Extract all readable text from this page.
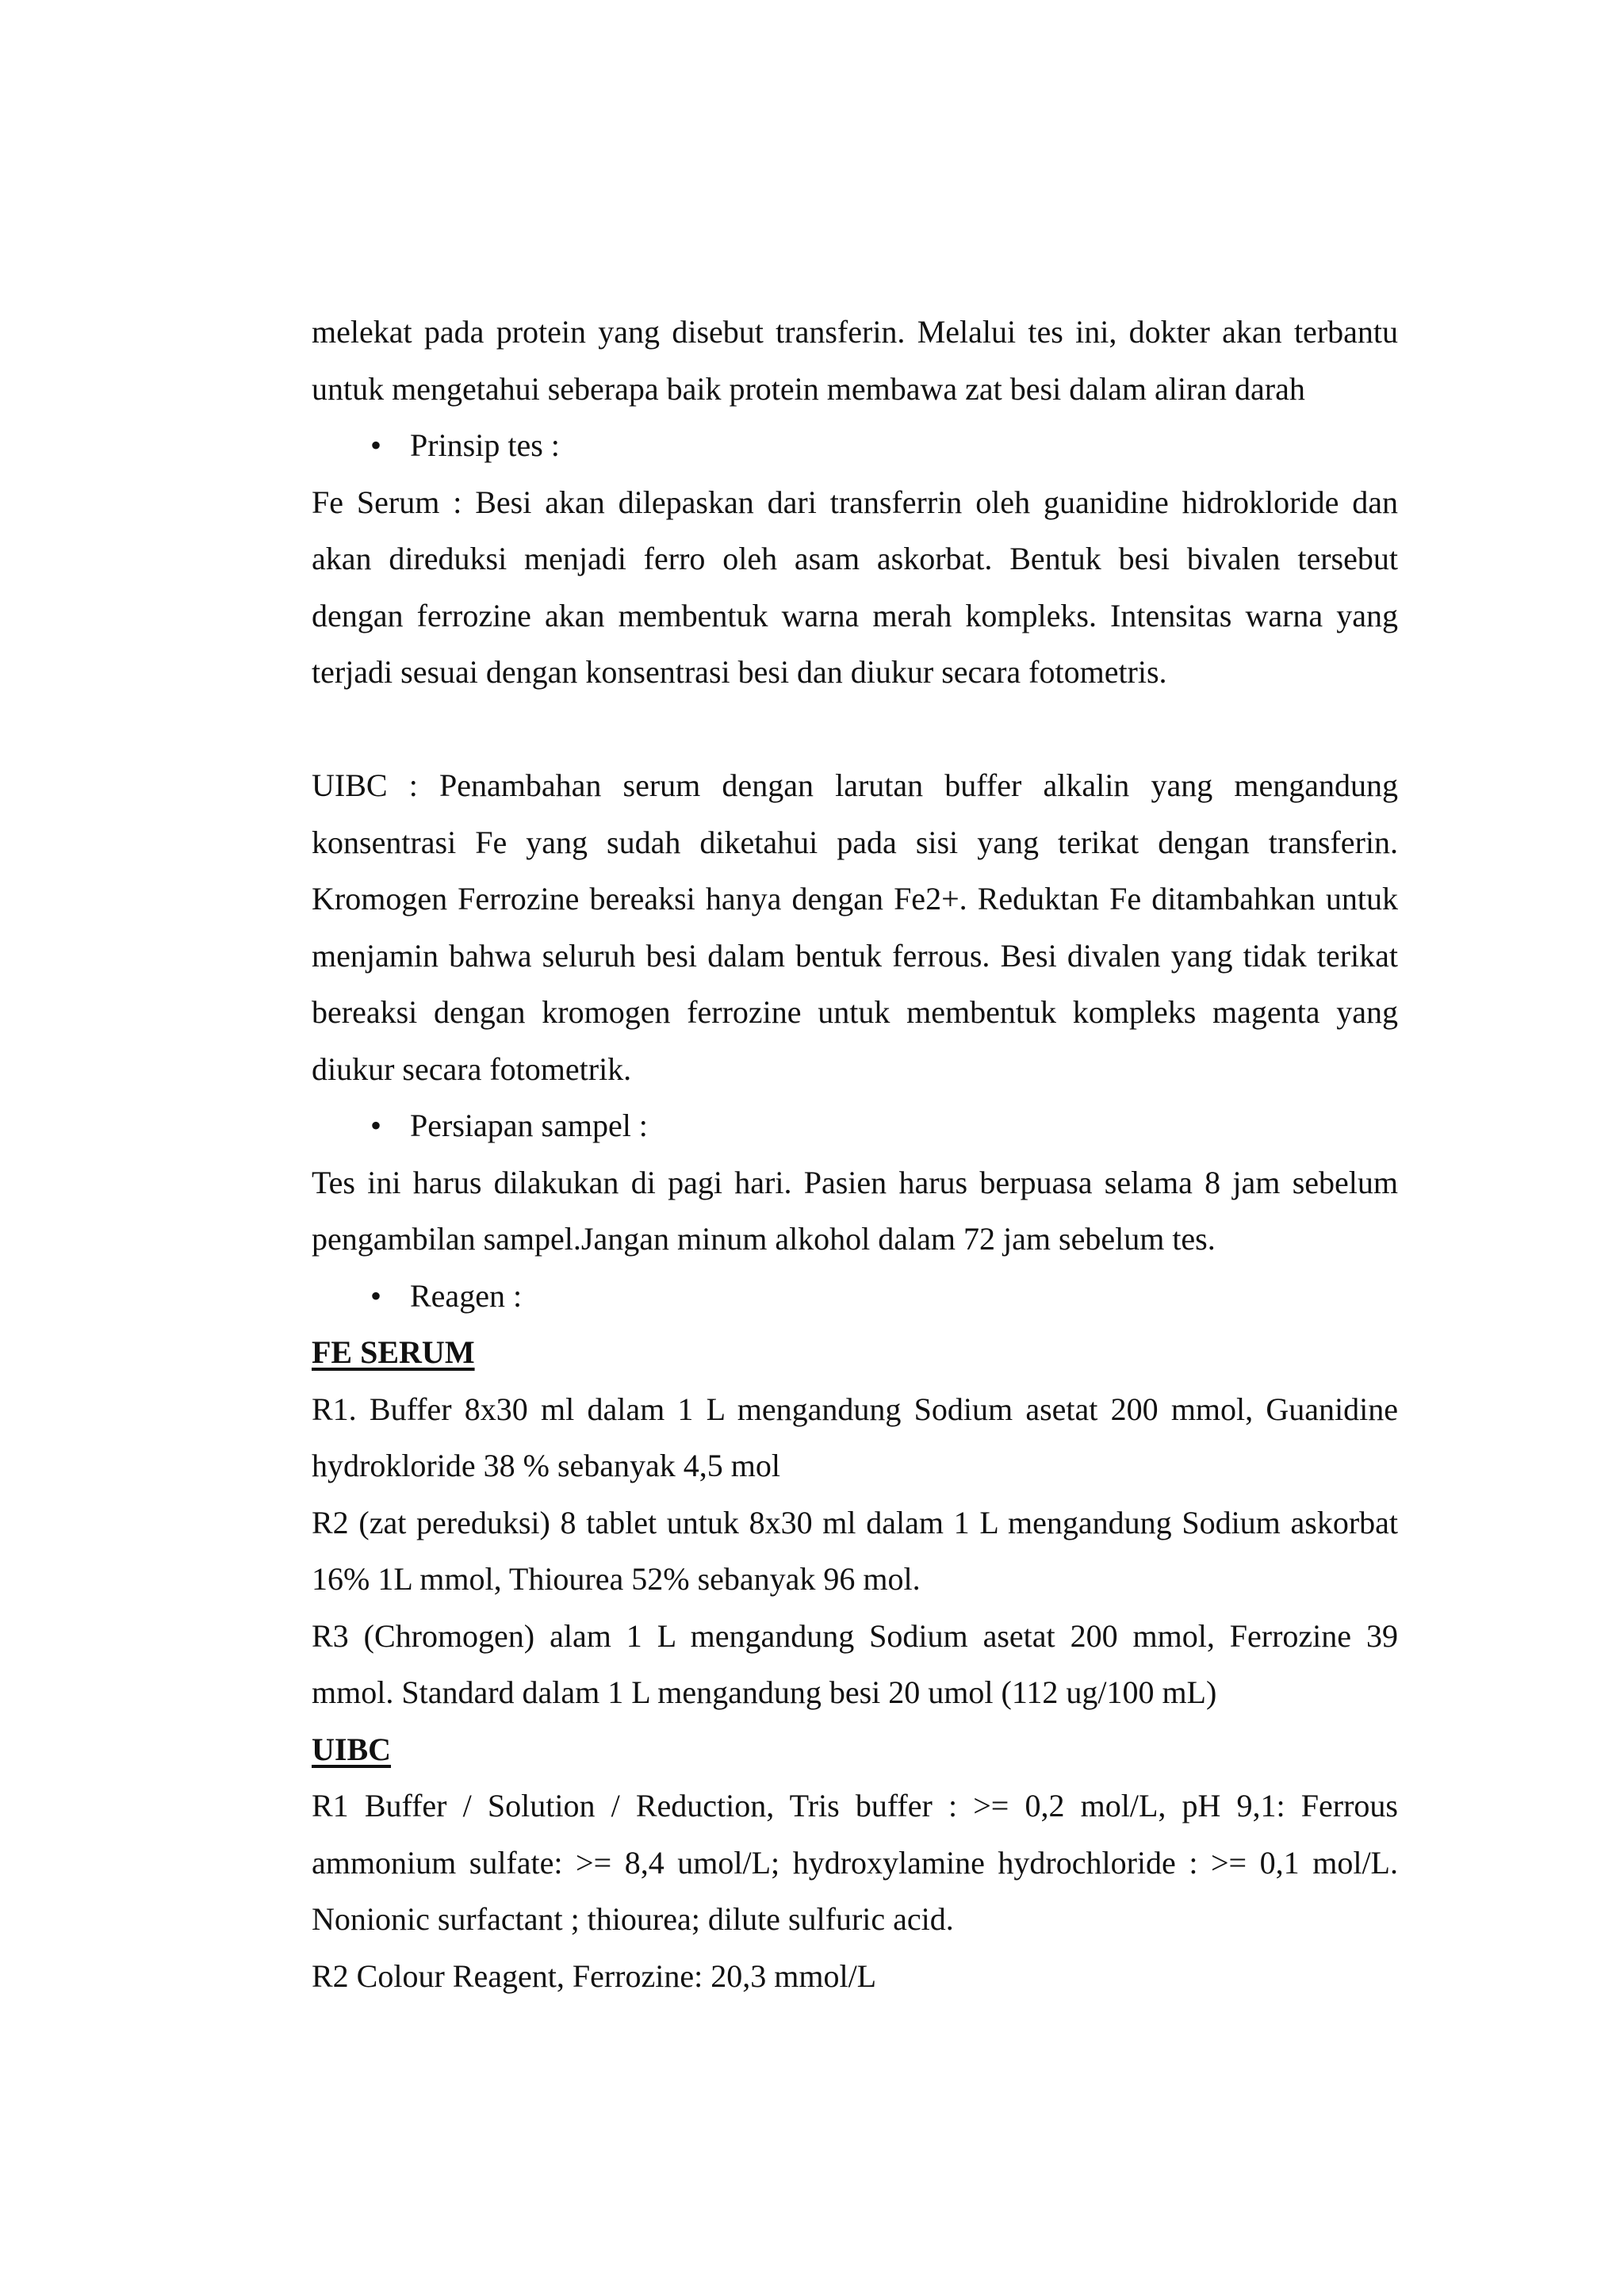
melekat pada protein yang disebut transferin. Melalui tes ini, dokter akan terbantu untuk mengetahui seberapa baik protein membawa zat besi dalam aliran darah

• Prinsip tes :

Fe Serum : Besi akan dilepaskan dari transferrin oleh guanidine hidrokloride dan akan direduksi menjadi ferro oleh asam askorbat. Bentuk besi bivalen tersebut dengan ferrozine akan membentuk warna merah kompleks. Intensitas warna yang terjadi sesuai dengan konsentrasi besi dan diukur secara fotometris.

UIBC : Penambahan serum dengan larutan buffer alkalin yang mengandung konsentrasi Fe yang sudah diketahui pada sisi yang terikat dengan transferin. Kromogen Ferrozine bereaksi hanya dengan Fe2+. Reduktan Fe ditambahkan untuk menjamin bahwa seluruh besi dalam bentuk ferrous. Besi divalen yang tidak terikat bereaksi dengan kromogen ferrozine untuk membentuk kompleks magenta yang diukur secara fotometrik.

• Persiapan sampel :

Tes ini harus dilakukan di pagi hari. Pasien harus berpuasa selama 8 jam sebelum pengambilan sampel.Jangan minum alkohol dalam 72 jam sebelum tes.

• Reagen :

FE SERUM

R1. Buffer 8x30 ml dalam 1 L mengandung Sodium asetat 200 mmol, Guanidine hydrokloride 38 % sebanyak 4,5 mol

R2 (zat pereduksi) 8 tablet untuk 8x30 ml dalam 1 L mengandung Sodium askorbat 16% 1L mmol, Thiourea 52% sebanyak 96 mol.

R3 (Chromogen) alam 1 L mengandung Sodium asetat 200 mmol, Ferrozine 39 mmol. Standard dalam 1 L mengandung besi 20 umol (112 ug/100 mL)

UIBC

R1 Buffer / Solution / Reduction, Tris buffer : >= 0,2 mol/L, pH 9,1: Ferrous ammonium sulfate: >= 8,4 umol/L; hydroxylamine hydrochloride : >= 0,1 mol/L. Nonionic surfactant ; thiourea; dilute sulfuric acid.

R2 Colour Reagent, Ferrozine: 20,3 mmol/L
